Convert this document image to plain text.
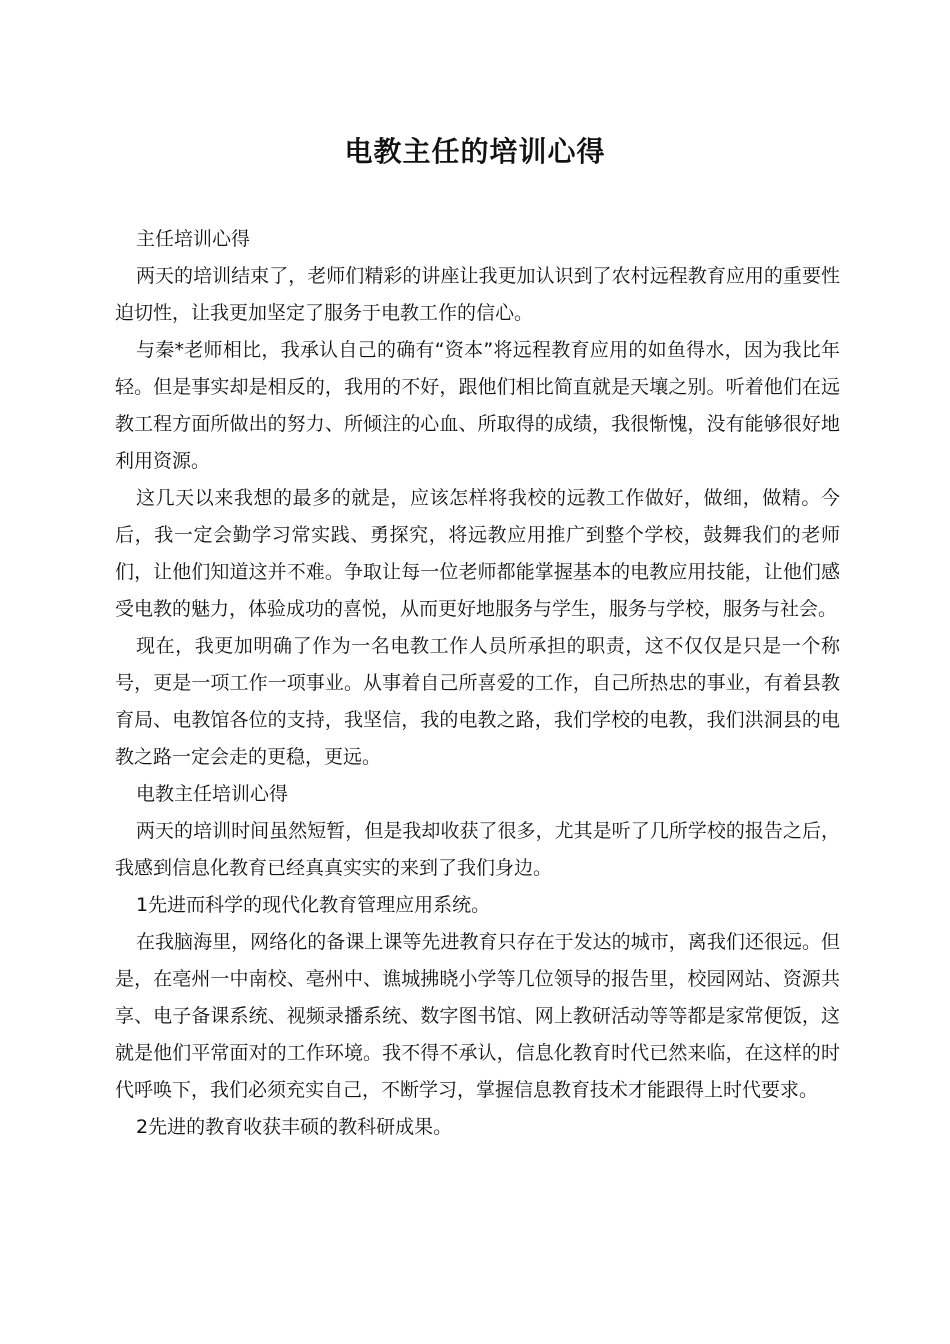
电教主任的培训心得

主任培训心得

两天的培训结束了，老师们精彩的讲座让我更加认识到了农村远程教育应用的重要性迫切性，让我更加坚定了服务于电教工作的信心。

与秦*老师相比，我承认自己的确有“资本”将远程教育应用的如鱼得水，因为我比年轻。但是事实却是相反的，我用的不好，跟他们相比简直就是天壤之别。听着他们在远教工程方面所做出的努力、所倾注的心血、所取得的成绩，我很惭愧，没有能够很好地利用资源。

这几天以来我想的最多的就是，应该怎样将我校的远教工作做好，做细，做精。今后，我一定会勤学习常实践、勇探究，将远教应用推广到整个学校，鼓舞我们的老师们，让他们知道这并不难。争取让每一位老师都能掌握基本的电教应用技能，让他们感受电教的魅力，体验成功的喜悦，从而更好地服务与学生，服务与学校，服务与社会。

现在，我更加明确了作为一名电教工作人员所承担的职责，这不仅仅是只是一个称号，更是一项工作一项事业。从事着自己所喜爱的工作，自己所热忠的事业，有着县教育局、电教馆各位的支持，我坚信，我的电教之路，我们学校的电教，我们洪洞县的电教之路一定会走的更稳，更远。

电教主任培训心得

两天的培训时间虽然短暂，但是我却收获了很多，尤其是听了几所学校的报告之后，我感到信息化教育已经真真实实的来到了我们身边。

1先进而科学的现代化教育管理应用系统。

在我脑海里，网络化的备课上课等先进教育只存在于发达的城市，离我们还很远。但是，在亳州一中南校、亳州中、谯城拂晓小学等几位领导的报告里，校园网站、资源共享、电子备课系统、视频录播系统、数字图书馆、网上教研活动等等都是家常便饭，这就是他们平常面对的工作环境。我不得不承认，信息化教育时代已然来临，在这样的时代呼唤下，我们必须充实自己，不断学习，掌握信息教育技术才能跟得上时代要求。

2先进的教育收获丰硕的教科研成果。
